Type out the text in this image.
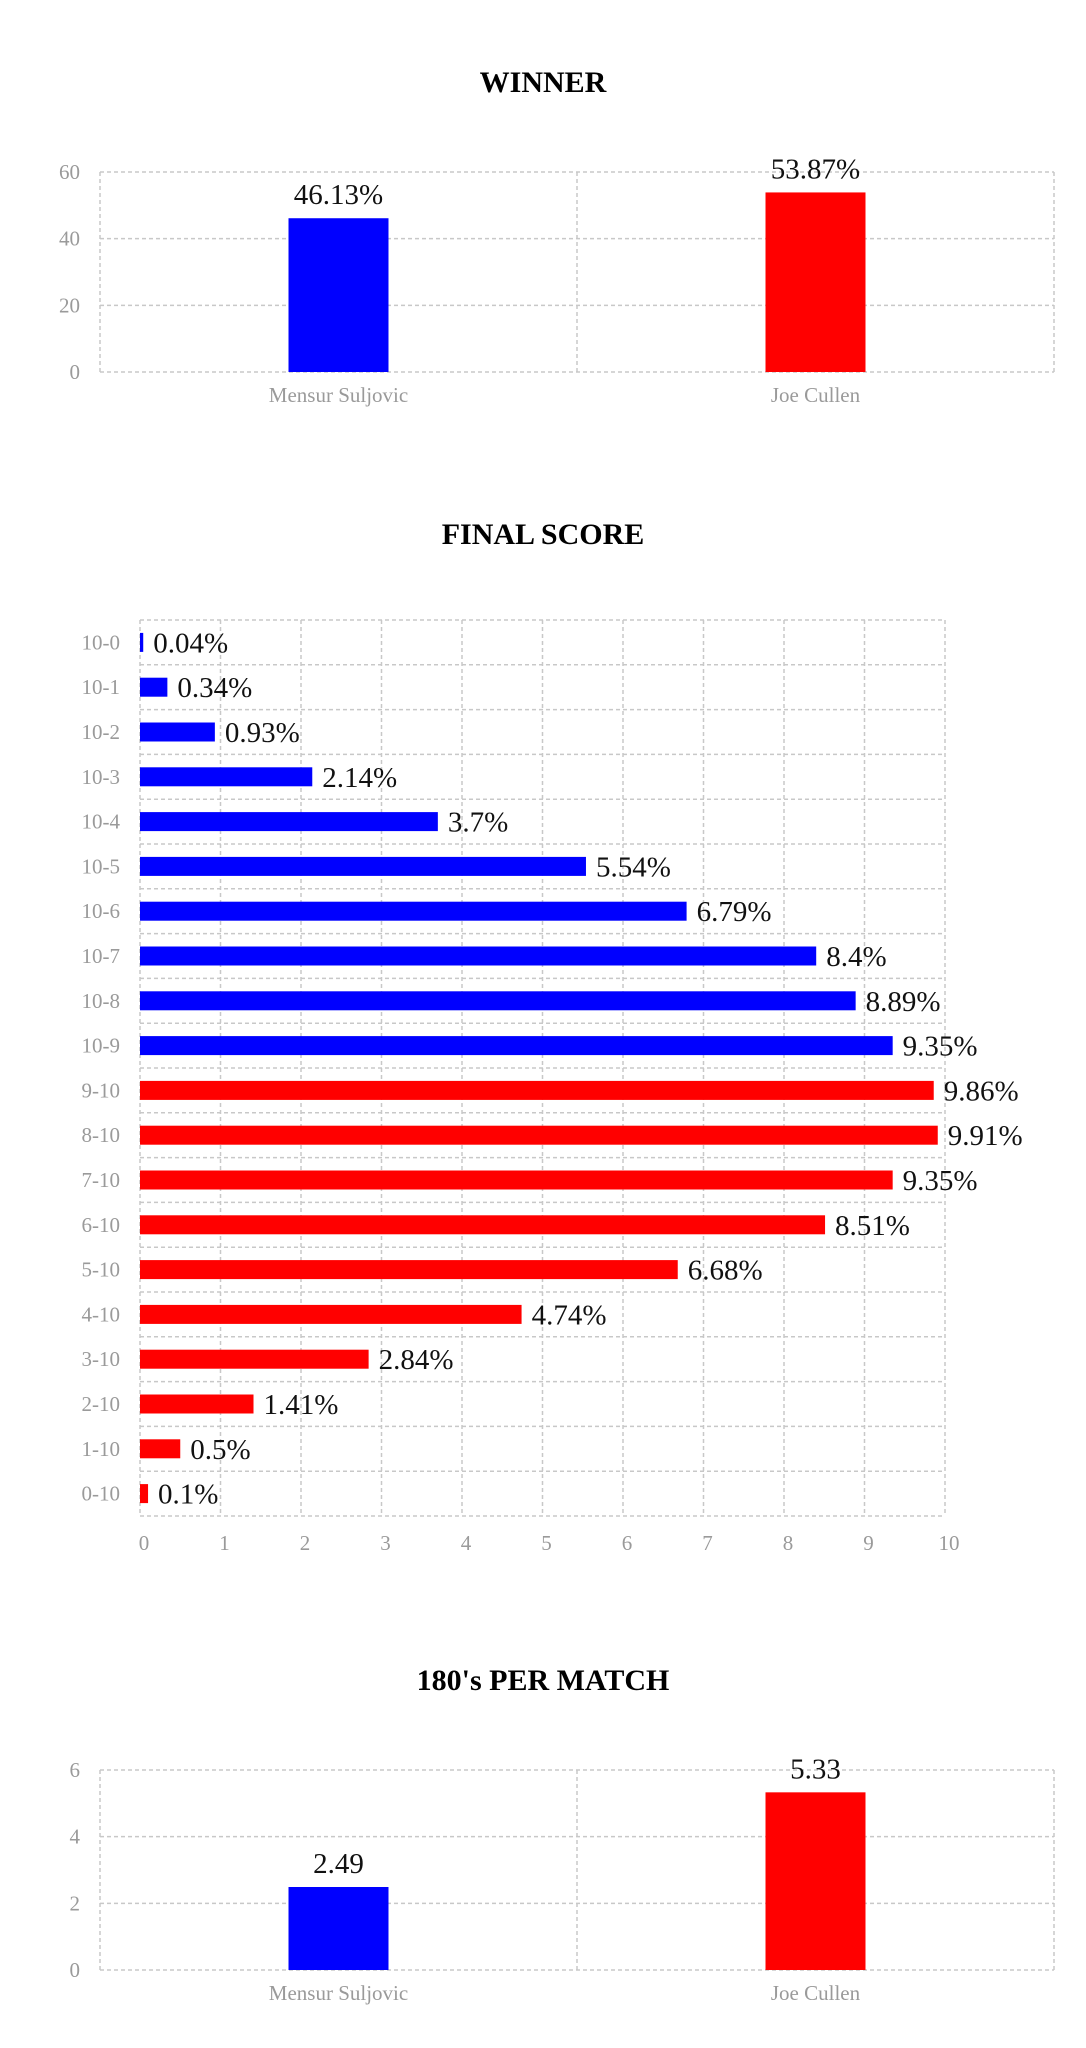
WINNER
0
20
40
60
46.13%
Mensur Suljovic
53.87%
Joe Cullen
FINAL SCORE
0	1	2	3	4	5	6	7	8	9	10
0.04%
10-0
0.34%
10-1
0.93%
10-2
2.14%
10-3
3.7%
10-4
5.54%
10-5
6.79%
10-6
8.4%
10-7
8.89%
10-8
9.35%
10-9
9.86%
9-10
9.91%
8-10
9.35%
7-10
8.51%
6-10
6.68%
5-10
4.74%
4-10
2.84%
3-10
1.41%
2-10
0.5%
1-10
0.1%
0-10
180's PER MATCH
0
2
4
6
2.49
Mensur Suljovic
5.33
Joe Cullen
